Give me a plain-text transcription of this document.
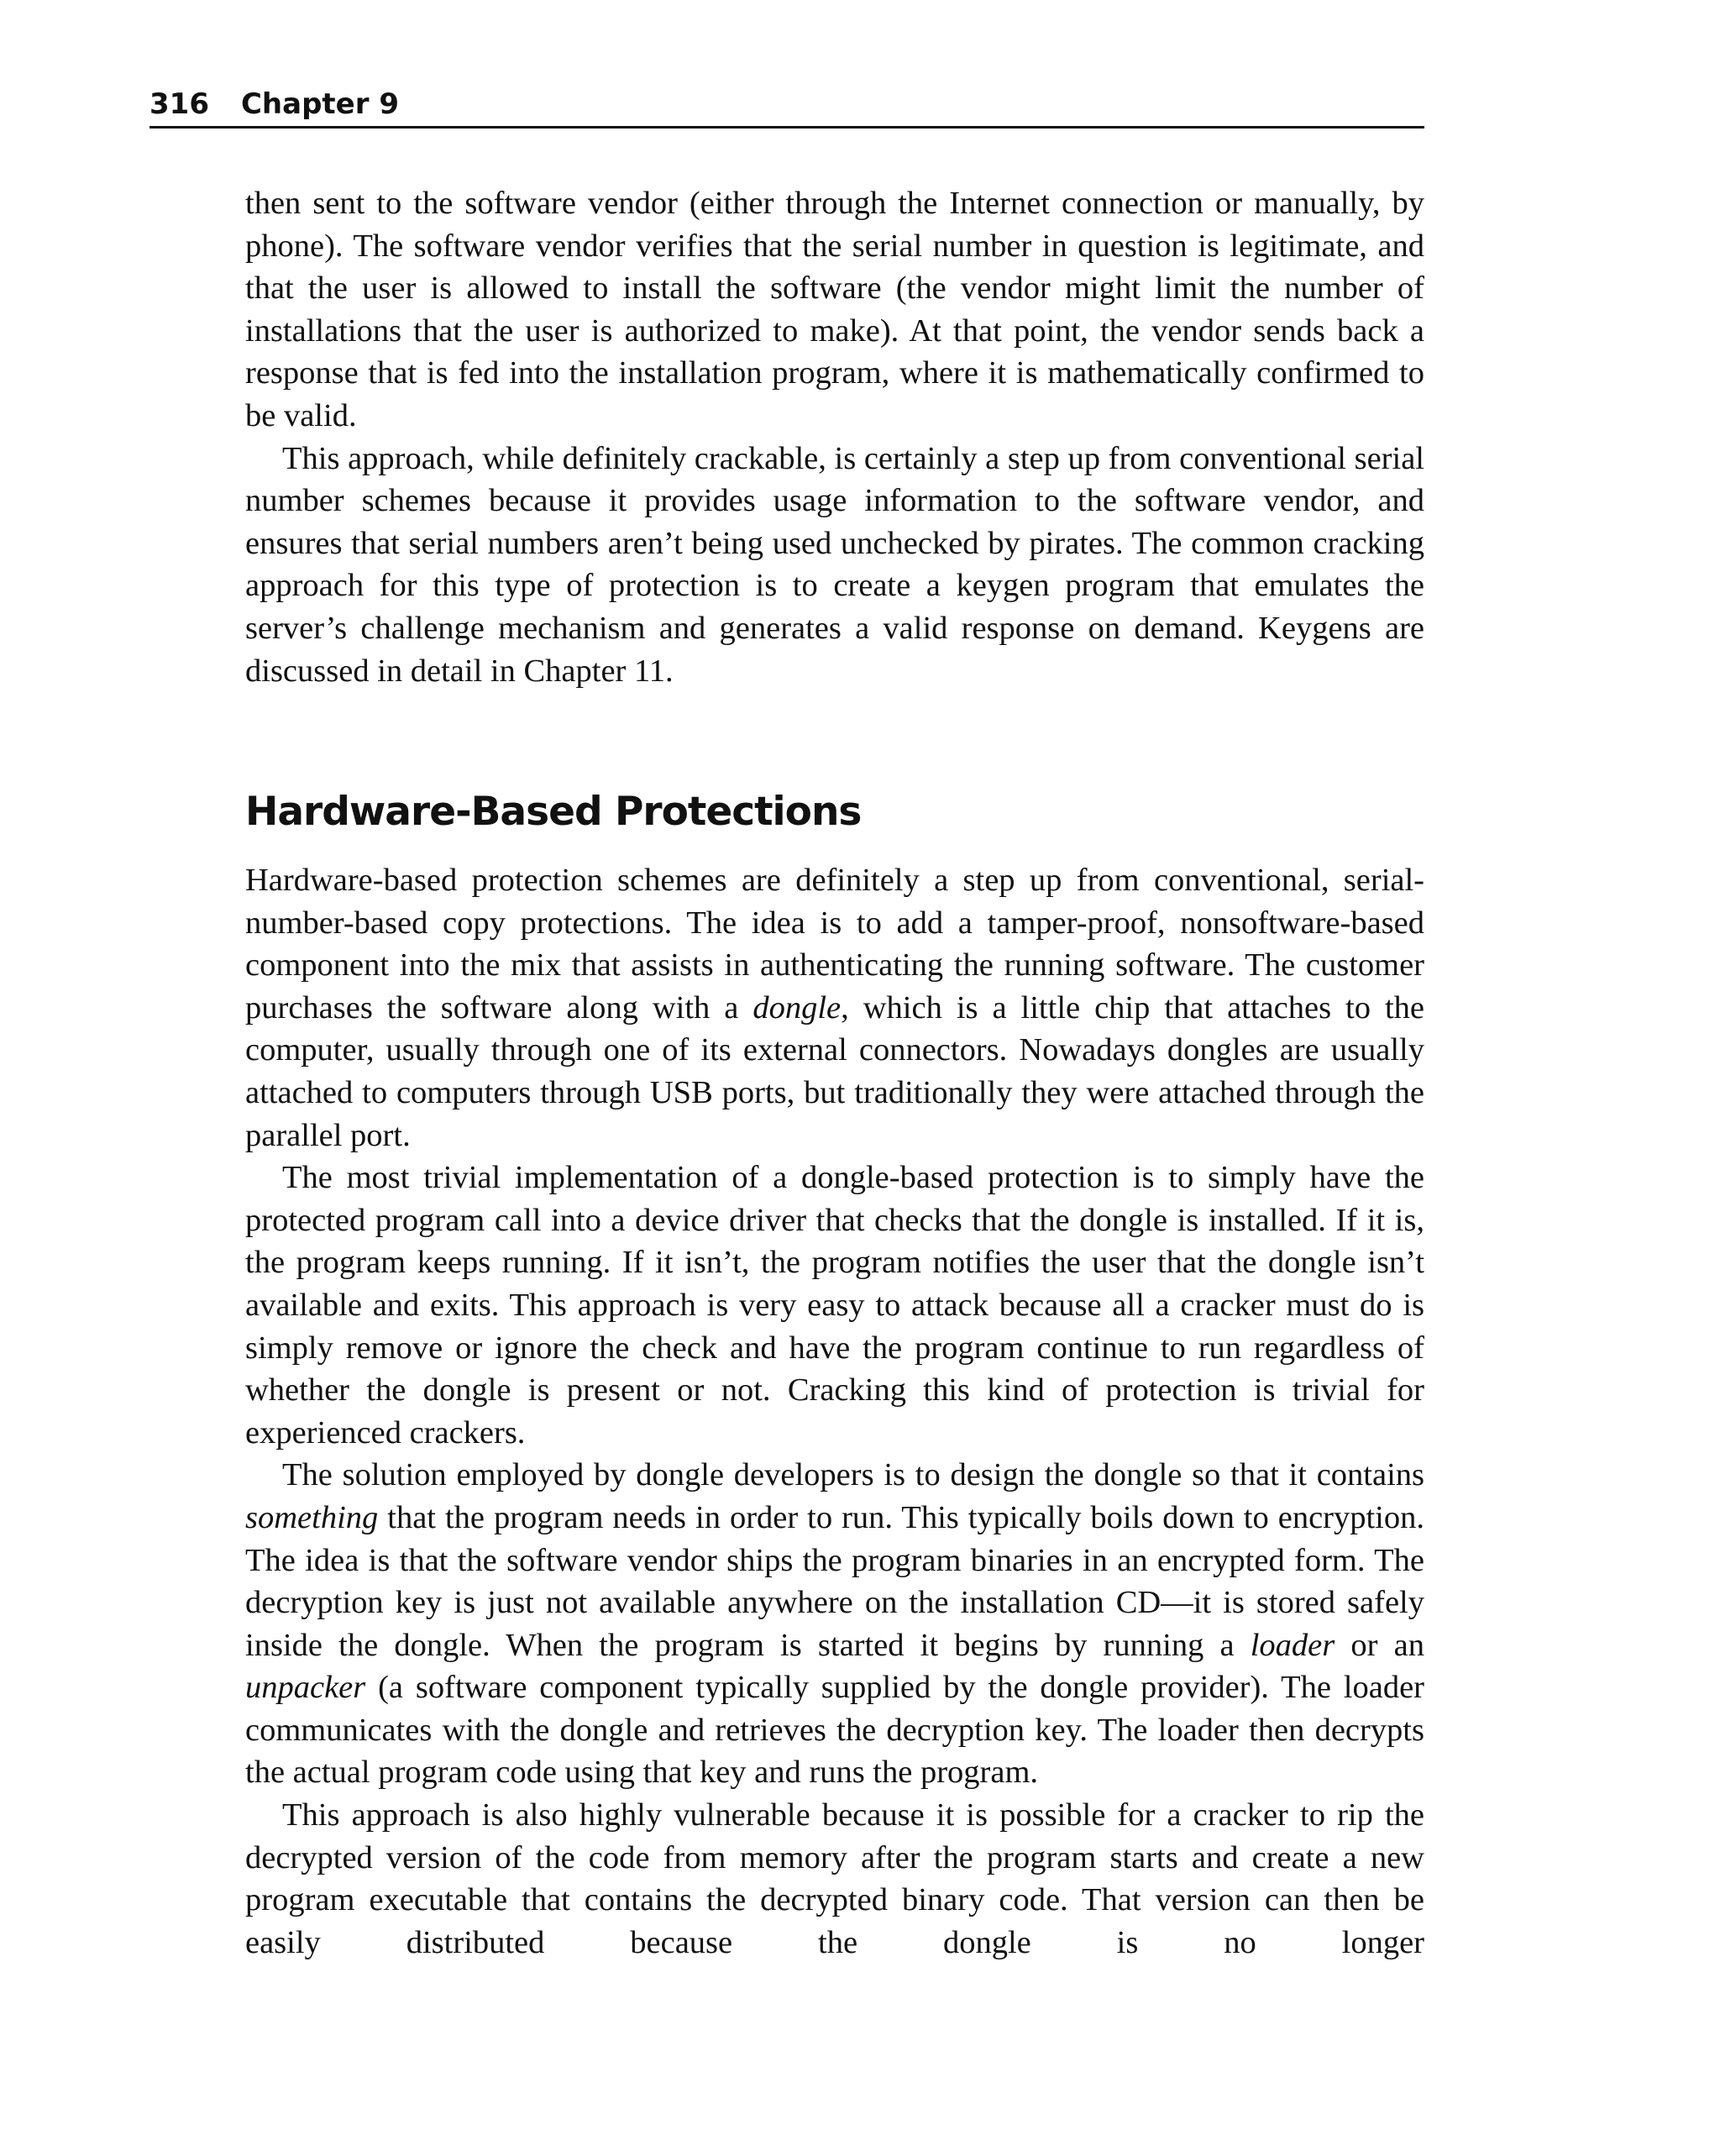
316 Chapter 9

then sent to the software vendor (either through the Internet connection or manually, by phone). The software vendor verifies that the serial number in question is legitimate, and that the user is allowed to install the software (the vendor might limit the number of installations that the user is authorized to make). At that point, the vendor sends back a response that is fed into the installation program, where it is mathematically confirmed to be valid.

This approach, while definitely crackable, is certainly a step up from conventional serial number schemes because it provides usage information to the software vendor, and ensures that serial numbers aren’t being used unchecked by pirates. The common cracking approach for this type of protection is to create a keygen program that emulates the server’s challenge mechanism and generates a valid response on demand. Keygens are discussed in detail in Chapter 11.

Hardware-Based Protections

Hardware-based protection schemes are definitely a step up from conventional, serial-number-based copy protections. The idea is to add a tamper-proof, nonsoftware-based component into the mix that assists in authenticating the running software. The customer purchases the software along with a dongle, which is a little chip that attaches to the computer, usually through one of its external connectors. Nowadays dongles are usually attached to computers through USB ports, but traditionally they were attached through the parallel port.

The most trivial implementation of a dongle-based protection is to simply have the protected program call into a device driver that checks that the dongle is installed. If it is, the program keeps running. If it isn’t, the program notifies the user that the dongle isn’t available and exits. This approach is very easy to attack because all a cracker must do is simply remove or ignore the check and have the program continue to run regardless of whether the dongle is present or not. Cracking this kind of protection is trivial for experienced crackers.

The solution employed by dongle developers is to design the dongle so that it contains something that the program needs in order to run. This typically boils down to encryption. The idea is that the software vendor ships the program binaries in an encrypted form. The decryption key is just not available anywhere on the installation CD—it is stored safely inside the dongle. When the program is started it begins by running a loader or an unpacker (a software component typically supplied by the dongle provider). The loader communicates with the dongle and retrieves the decryption key. The loader then decrypts the actual program code using that key and runs the program.

This approach is also highly vulnerable because it is possible for a cracker to rip the decrypted version of the code from memory after the program starts and create a new program executable that contains the decrypted binary code. That version can then be easily distributed because the dongle is no longer
